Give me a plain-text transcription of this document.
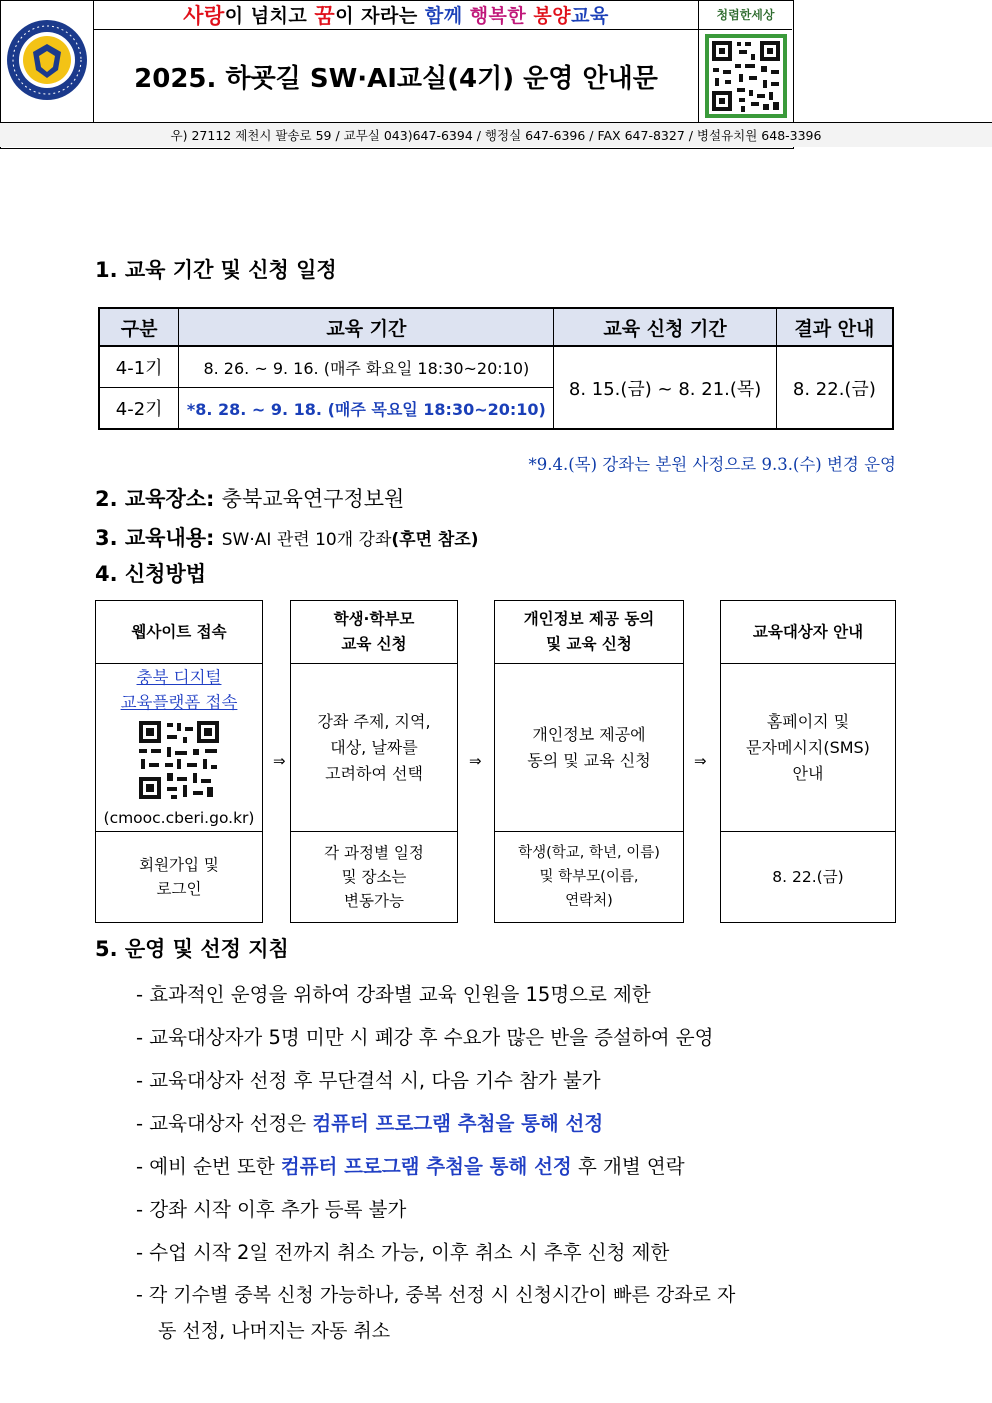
사랑 이 넘치고 꿈 이 자라는 함께 행복한 봉양 교육
2025. 하굣길 SW·AI교실(4기) 운영 안내문
청렴한세상
우) 27112 제천시 팔송로 59 / 교무실 043)647-6394 / 행정실 647-6396 / FAX 647-8327 / 병설유치원 648-3396
1. 교육 기간 및 신청 일정
구분	교육 기간	교육 신청 기간	결과 안내
4-1기	8. 26. ~ 9. 16. (매주 화요일 18:30~20:10)	8. 15.(금) ~ 8. 21.(목)	8. 22.(금)
4-2기	*8. 28. ~ 9. 18. (매주 목요일 18:30~20:10)		
*9.4.(목) 강좌는 본원 사정으로 9.3.(수) 변경 운영
2. 교육장소: 충북교육연구정보원
3. 교육내용: SW·AI 관련 10개 강좌(후면 참조)
4. 신청방법
웹사이트 접속
충북 디지털
교육플랫폼 접속
(cmooc.cberi.go.kr)
회원가입 및
로그인
⇒
학생·학부모
교육 신청
강좌 주제, 지역,
대상, 날짜를
고려하여 선택
각 과정별 일정
및 장소는
변동가능
⇒
개인정보 제공 동의
및 교육 신청
개인정보 제공에
동의 및 교육 신청
학생(학교, 학년, 이름)
및 학부모(이름,
연락처)
⇒
교육대상자 안내
홈페이지 및
문자메시지(SMS)
안내
8. 22.(금)
5. 운영 및 선정 지침
- 효과적인 운영을 위하여 강좌별 교육 인원을 15명으로 제한
- 교육대상자가 5명 미만 시 폐강 후 수요가 많은 반을 증설하여 운영
- 교육대상자 선정 후 무단결석 시, 다음 기수 참가 불가
- 교육대상자 선정은 컴퓨터 프로그램 추첨을 통해 선정
- 예비 순번 또한 컴퓨터 프로그램 추첨을 통해 선정 후 개별 연락
- 강좌 시작 이후 추가 등록 불가
- 수업 시작 2일 전까지 취소 가능, 이후 취소 시 추후 신청 제한
- 각 기수별 중복 신청 가능하나, 중복 선정 시 신청시간이 빠른 강좌로 자
동 선정, 나머지는 자동 취소
